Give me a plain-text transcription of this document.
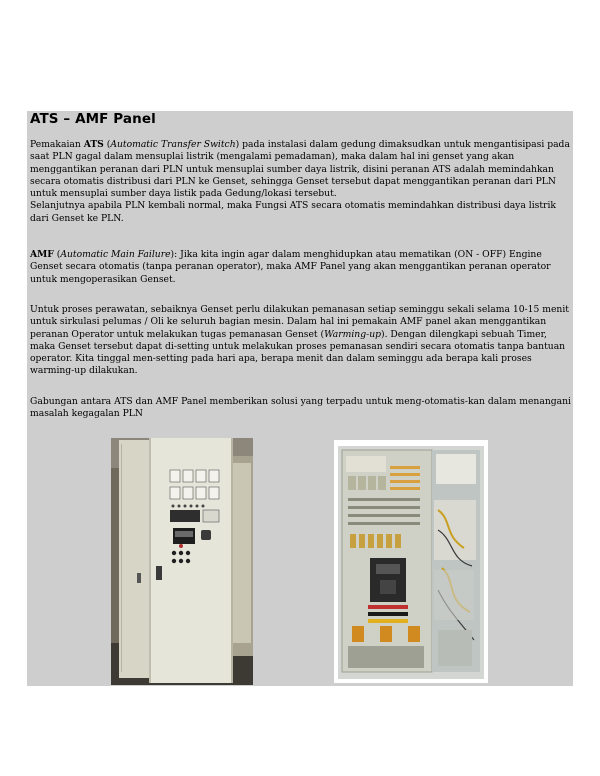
ATS – AMF Panel

Pemakaian ATS (Automatic Transfer Switch) pada instalasi dalam gedung dimaksudkan untuk mengantisipasi pada saat PLN gagal dalam mensuplai listrik (mengalami pemadaman), maka dalam hal ini genset yang akan menggantikan peranan dari PLN untuk mensuplai sumber daya listrik, disini peranan ATS adalah memindahkan secara otomatis distribusi dari PLN ke Genset, sehingga Genset tersebut dapat menggantikan peranan dari PLN untuk mensuplai sumber daya listik pada Gedung/lokasi tersebut.

Selanjutnya apabila PLN kembali normal, maka Fungsi ATS secara otomatis memindahkan distribusi daya listrik dari Genset ke PLN.

AMF (Automatic Main Failure): Jika kita ingin agar dalam menghidupkan atau mematikan (ON - OFF) Engine Genset secara otomatis (tanpa peranan operator), maka AMF Panel yang akan menggantikan peranan operator untuk mengoperasikan Genset.

Untuk proses perawatan, sebaiknya Genset perlu dilakukan pemanasan setiap seminggu sekali selama 10-15 menit untuk sirkulasi pelumas / Oli ke seluruh bagian mesin. Dalam hal ini pemakain AMF panel akan menggantikan peranan Operator untuk melakukan tugas pemanasan Genset (Warming-up). Dengan dilengkapi sebuah Timer, maka Genset tersebut dapat di-setting untuk melakukan proses pemanasan sendiri secara otomatis tanpa bantuan operator. Kita tinggal men-setting pada hari apa, berapa menit dan dalam seminggu ada berapa kali proses warming-up dilakukan.

Gabungan antara ATS dan AMF Panel memberikan solusi yang terpadu untuk meng-otomatis-kan dalam menangani masalah kegagalan PLN
